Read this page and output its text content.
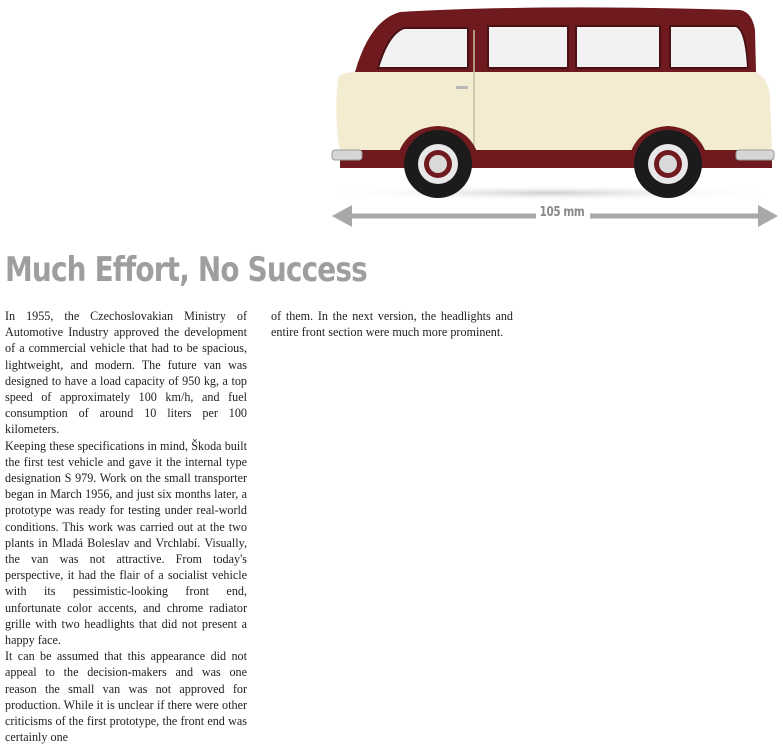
105 mm
Much Effort, No Success

In 1955, the Czechoslovakian Ministry of Automotive Industry approved the development of a commercial vehicle that had to be spacious, lightweight, and modern. The future van was designed to have a load capacity of 950 kg, a top speed of approximately 100 km/h, and fuel consumption of around 10 liters per 100 kilometers.

Keeping these specifications in mind, Škoda built the first test vehicle and gave it the internal type designation S 979. Work on the small transporter began in March 1956, and just six months later, a prototype was ready for testing under real-world conditions. This work was carried out at the two plants in Mladá Boleslav and Vrchlabí. Visually, the van was not attractive. From today's perspective, it had the flair of a socialist vehicle with its pessimistic-looking front end, unfortunate color accents, and chrome radiator grille with two headlights that did not present a happy face.

It can be assumed that this appearance did not appeal to the decision-makers and was one reason the small van was not approved for production. While it is unclear if there were other criticisms of the first prototype, the front end was certainly one

of them. In the next version, the headlights and entire front section were much more prominent.
